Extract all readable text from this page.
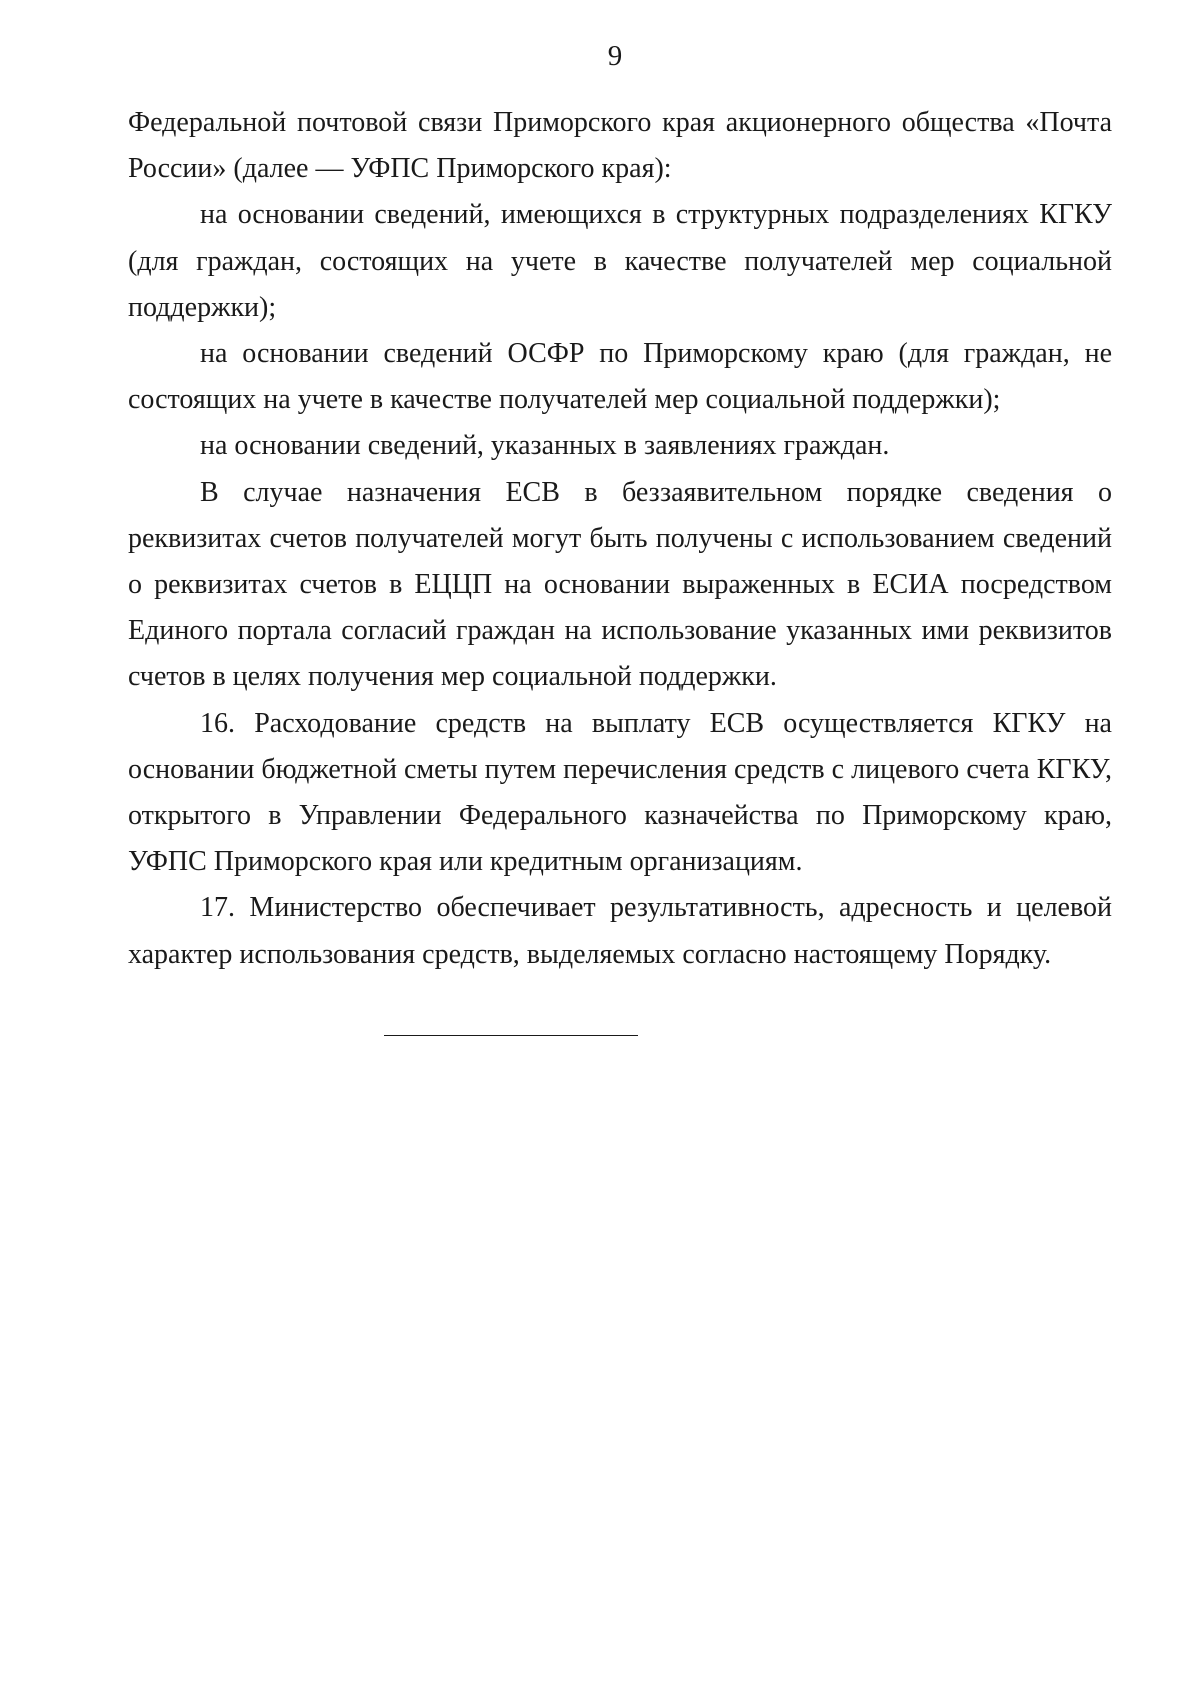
9

Федеральной почтовой связи Приморского края акционерного общества «Почта России» (далее — УФПС Приморского края):

на основании сведений, имеющихся в структурных подразделениях КГКУ (для граждан, состоящих на учете в качестве получателей мер социальной поддержки);

на основании сведений ОСФР по Приморскому краю (для граждан, не состоящих на учете в качестве получателей мер социальной поддержки);

на основании сведений, указанных в заявлениях граждан.

В случае назначения ЕСВ в беззаявительном порядке сведения о реквизитах счетов получателей могут быть получены с использованием сведений о реквизитах счетов в ЕЦЦП на основании выраженных в ЕСИА посредством Единого портала согласий граждан на использование указанных ими реквизитов счетов в целях получения мер социальной поддержки.

16. Расходование средств на выплату ЕСВ осуществляется КГКУ на основании бюджетной сметы путем перечисления средств с лицевого счета КГКУ, открытого в Управлении Федерального казначейства по Приморскому краю, УФПС Приморского края или кредитным организациям.

17. Министерство обеспечивает результативность, адресность и целевой характер использования средств, выделяемых согласно настоящему Порядку.
